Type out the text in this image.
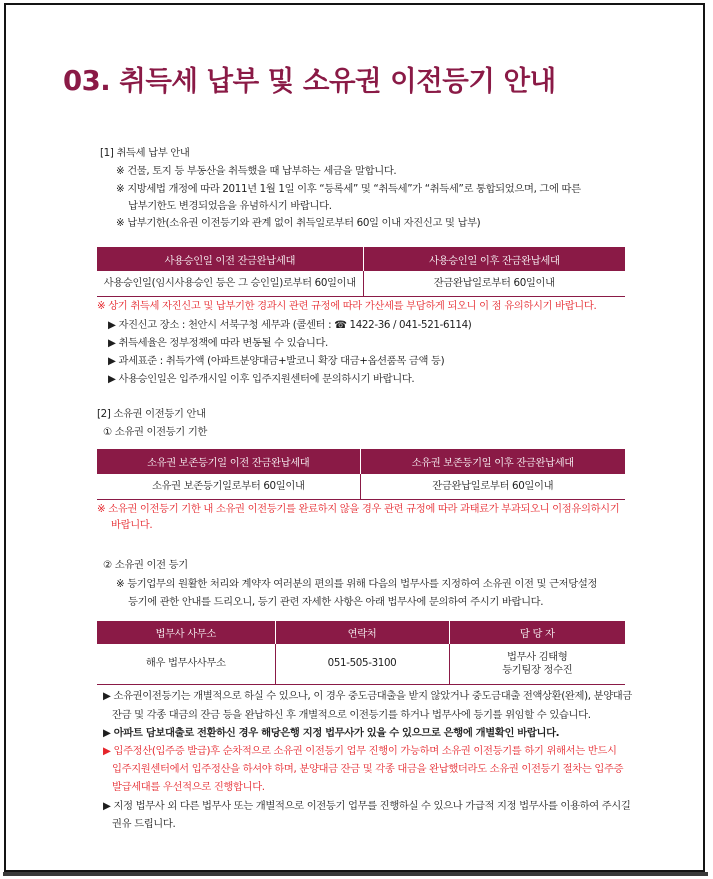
03. 취득세 납부 및 소유권 이전등기 안내
[1] 취득세 납부 안내
※ 건물, 토지 등 부동산을 취득했을 때 납부하는 세금을 말합니다.
※ 지방세법 개정에 따라 2011년 1월 1일 이후 “등록세” 및 “취득세”가 “취득세”로 통합되었으며, 그에 따른
납부기한도 변경되었음을 유념하시기 바랍니다.
※ 납부기한(소유권 이전등기와 관계 없이 취득일로부터 60일 이내 자진신고 및 납부)
사용승인일 이전 잔금완납세대	사용승인일 이후 잔금완납세대
사용승인일(임시사용승인 등은 그 승인일)로부터 60일이내	잔금완납일로부터 60일이내
※ 상기 취득세 자진신고 및 납부기한 경과시 관련 규정에 따라 가산세를 부담하게 되오니 이 점 유의하시기 바랍니다.
▶ 자진신고 장소 : 천안시 서북구청 세무과 (콜센터 : ☎ 1422-36 / 041-521-6114)
▶ 취득세율은 정부정책에 따라 변동될 수 있습니다.
▶ 과세표준 : 취득가액 (아파트분양대금+발코니 확장 대금+옵션품목 금액 등)
▶ 사용승인일은 입주개시일 이후 입주지원센터에 문의하시기 바랍니다.
[2] 소유권 이전등기 안내
① 소유권 이전등기 기한
소유권 보존등기일 이전 잔금완납세대	소유권 보존등기일 이후 잔금완납세대
소유권 보존등기일로부터 60일이내	잔금완납일로부터 60일이내
※ 소유권 이전등기 기한 내 소유권 이전등기를 완료하지 않을 경우 관련 규정에 따라 과태료가 부과되오니 이점유의하시기
바랍니다.
② 소유권 이전 등기
※ 등기업무의 원활한 처리와 계약자 여러분의 편의를 위해 다음의 법무사를 지정하여 소유권 이전 및 근저당설정
등기에 관한 안내를 드리오니, 등기 관련 자세한 사항은 아래 법무사에 문의하여 주시기 바랍니다.
법무사 사무소	연락처	담 당 자
해우 법무사사무소	051-505-3100	법무사 김태형
등기팀장 정수진
▶ 소유권이전등기는 개별적으로 하실 수 있으나, 이 경우 중도금대출을 받지 않았거나 중도금대출 전액상환(완제), 분양대금
잔금 및 각종 대금의 잔금 등을 완납하신 후 개별적으로 이전등기를 하거나 법무사에 등기를 위임할 수 있습니다.
▶ 아파트 담보대출로 전환하신 경우 해당은행 지정 법무사가 있을 수 있으므로 은행에 개별확인 바랍니다.
▶ 입주정산(입주증 발급)후 순차적으로 소유권 이전등기 업무 진행이 가능하며 소유권 이전등기를 하기 위해서는 반드시
입주지원센터에서 입주정산을 하셔야 하며, 분양대금 잔금 및 각종 대금을 완납했더라도 소유권 이전등기 절차는 입주증
발급세대를 우선적으로 진행합니다.
▶ 지정 법무사 외 다른 법무사 또는 개별적으로 이전등기 업무를 진행하실 수 있으나 가급적 지정 법무사를 이용하여 주시길
권유 드립니다.
